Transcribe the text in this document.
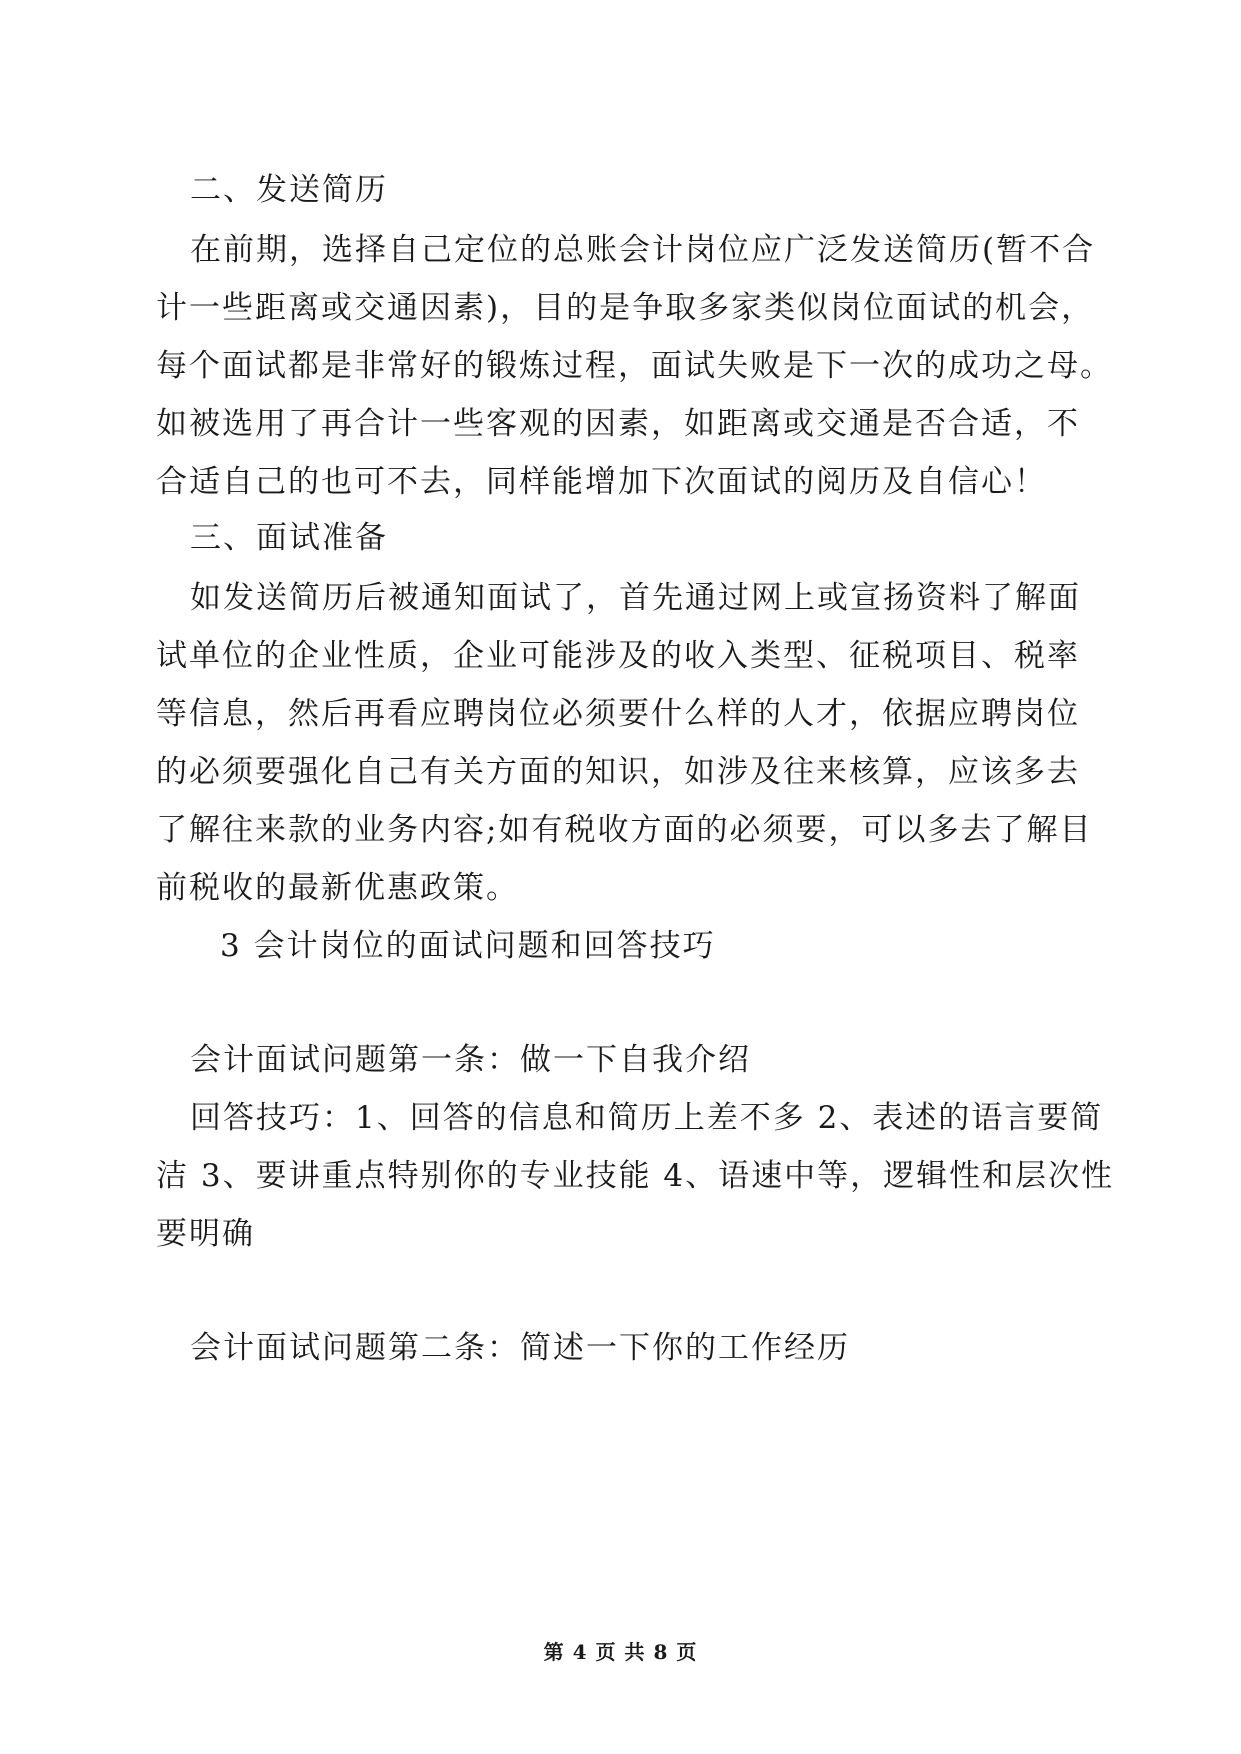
二、发送简历
在前期，选择自己定位的总账会计岗位应广泛发送简历(暂不合
计一些距离或交通因素)，目的是争取多家类似岗位面试的机会，
每个面试都是非常好的锻炼过程，面试失败是下一次的成功之母。
如被选用了再合计一些客观的因素，如距离或交通是否合适，不
合适自己的也可不去，同样能增加下次面试的阅历及自信心！
三、面试准备
如发送简历后被通知面试了，首先通过网上或宣扬资料了解面
试单位的企业性质，企业可能涉及的收入类型、征税项目、税率
等信息，然后再看应聘岗位必须要什么样的人才，依据应聘岗位
的必须要强化自己有关方面的知识，如涉及往来核算，应该多去
了解往来款的业务内容;如有税收方面的必须要，可以多去了解目
前税收的最新优惠政策。
3 会计岗位的面试问题和回答技巧
会计面试问题第一条：做一下自我介绍
回答技巧：1、回答的信息和简历上差不多 2、表述的语言要简
洁 3、要讲重点特别你的专业技能 4、语速中等，逻辑性和层次性
要明确
会计面试问题第二条：简述一下你的工作经历
第 4 页 共 8 页
